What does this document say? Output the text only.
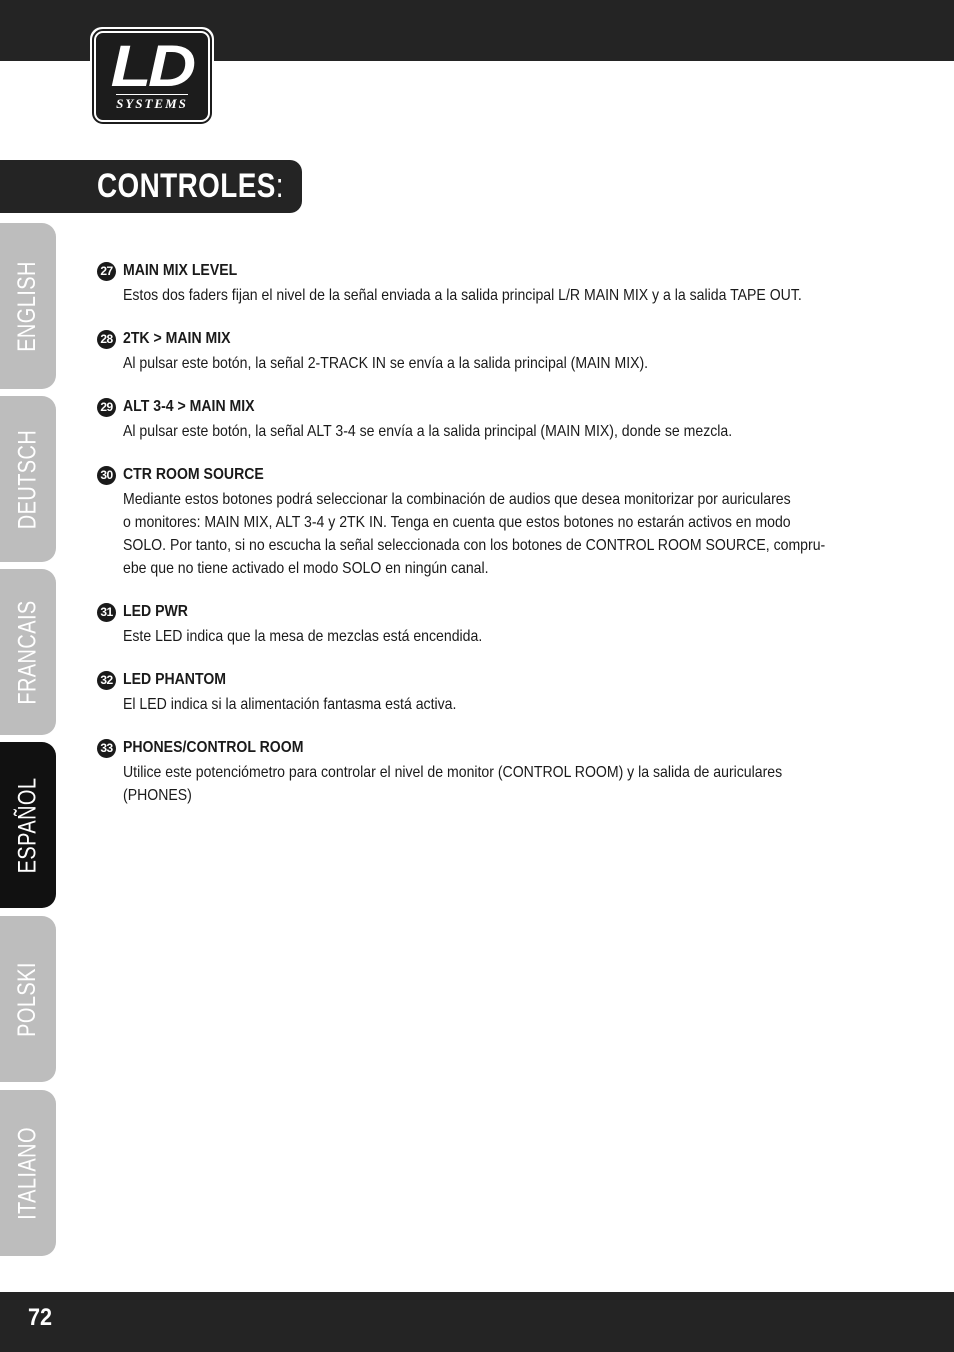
LD
SYSTEMS
CONTROLES:
ENGLISH
DEUTSCH
FRANCAIS
ESPAÑOL
POLSKI
ITALIANO
27 MAIN MIX LEVEL
Estos dos faders fijan el nivel de la señal enviada a la salida principal L/R MAIN MIX y a la salida TAPE OUT.
28 2TK > MAIN MIX
Al pulsar este botón, la señal 2-TRACK IN se envía a la salida principal (MAIN MIX).
29 ALT 3-4 > MAIN MIX
Al pulsar este botón, la señal ALT 3-4 se envía a la salida principal (MAIN MIX), donde se mezcla.
30 CTR ROOM SOURCE
Mediante estos botones podrá seleccionar la combinación de audios que desea monitorizar por auriculares
o monitores: MAIN MIX, ALT 3-4 y 2TK IN. Tenga en cuenta que estos botones no estarán activos en modo
SOLO. Por tanto, si no escucha la señal seleccionada con los botones de CONTROL ROOM SOURCE, compru-
ebe que no tiene activado el modo SOLO en ningún canal.
31 LED PWR
Este LED indica que la mesa de mezclas está encendida.
32 LED PHANTOM
El LED indica si la alimentación fantasma está activa.
33 PHONES/CONTROL ROOM
Utilice este potenciómetro para controlar el nivel de monitor (CONTROL ROOM) y la salida de auriculares
(PHONES)
72
